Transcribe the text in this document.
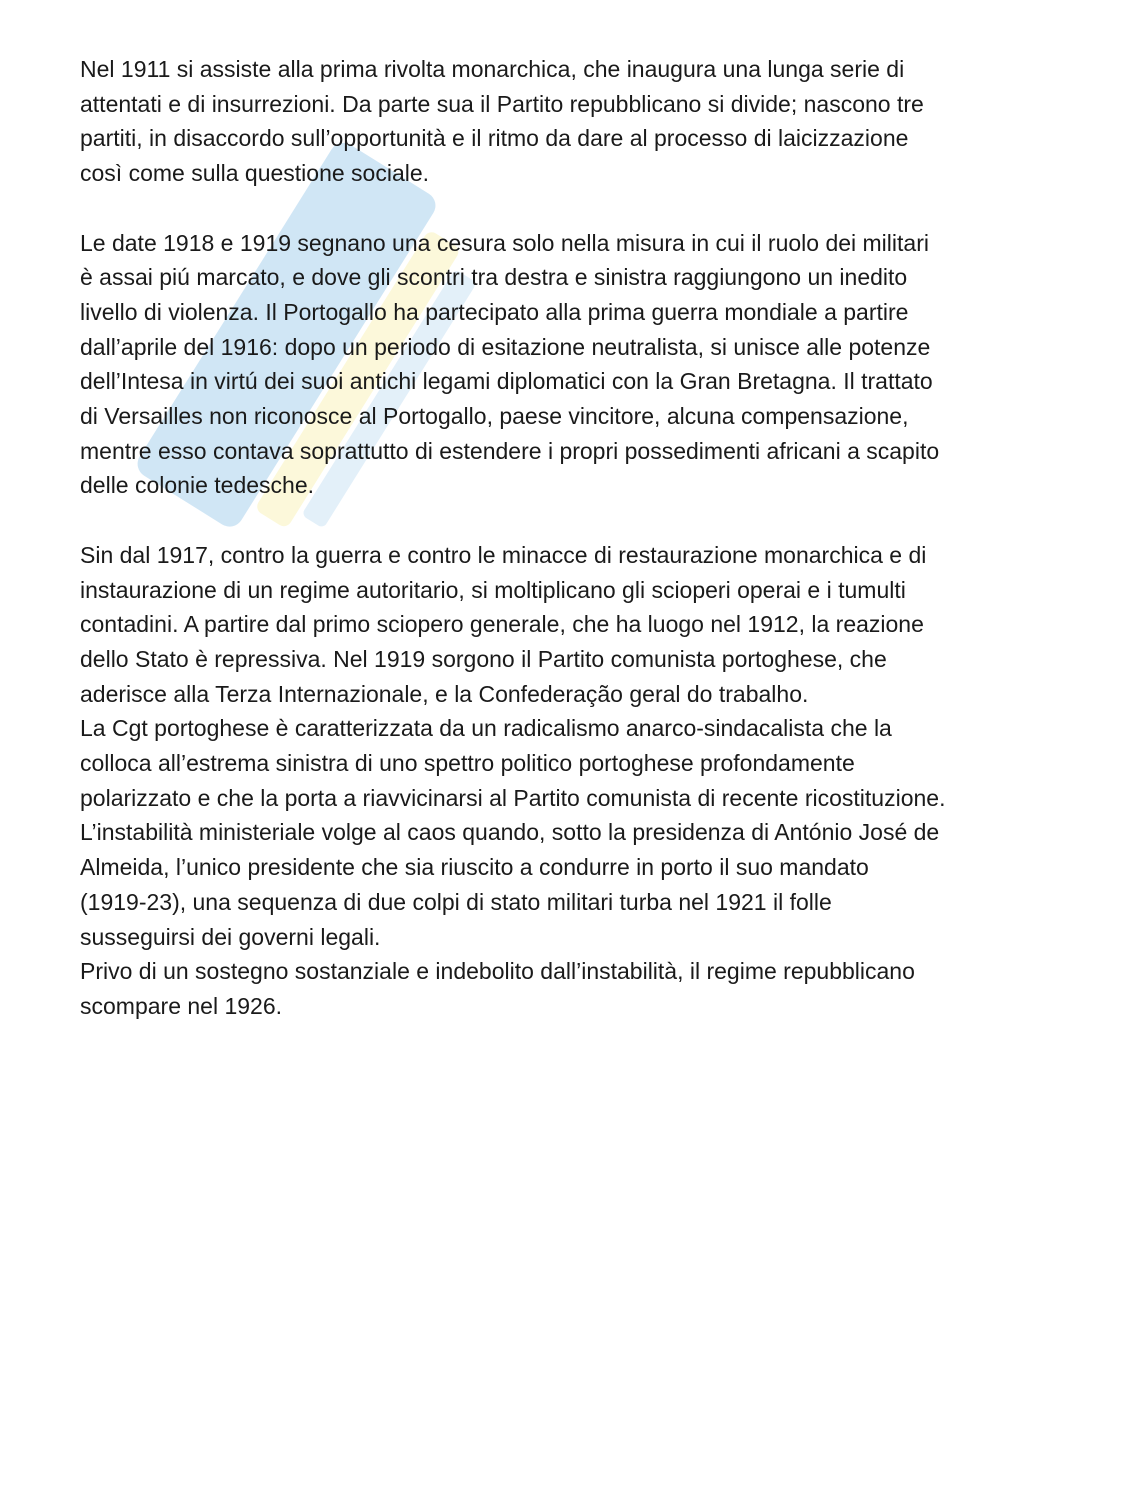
Nel 1911 si assiste alla prima rivolta monarchica, che inaugura una lunga serie di
attentati e di insurrezioni. Da parte sua il Partito repubblicano si divide; nascono tre
partiti, in disaccordo sull’opportunità e il ritmo da dare al processo di laicizzazione
così come sulla questione sociale.

Le date 1918 e 1919 segnano una cesura solo nella misura in cui il ruolo dei militari
è assai piú marcato, e dove gli scontri tra destra e sinistra raggiungono un inedito
livello di violenza. Il Portogallo ha partecipato alla prima guerra mondiale a partire
dall’aprile del 1916: dopo un periodo di esitazione neutralista, si unisce alle potenze
dell’Intesa in virtú dei suoi antichi legami diplomatici con la Gran Bretagna. Il trattato
di Versailles non riconosce al Portogallo, paese vincitore, alcuna compensazione,
mentre esso contava soprattutto di estendere i propri possedimenti africani a scapito
delle colonie tedesche.

Sin dal 1917, contro la guerra e contro le minacce di restaurazione monarchica e di
instaurazione di un regime autoritario, si moltiplicano gli scioperi operai e i tumulti
contadini. A partire dal primo sciopero generale, che ha luogo nel 1912, la reazione
dello Stato è repressiva. Nel 1919 sorgono il Partito comunista portoghese, che
aderisce alla Terza Internazionale, e la Confederação geral do trabalho.
La Cgt portoghese è caratterizzata da un radicalismo anarco-sindacalista che la
colloca all’estrema sinistra di uno spettro politico portoghese profondamente
polarizzato e che la porta a riavvicinarsi al Partito comunista di recente ricostituzione.
L’instabilità ministeriale volge al caos quando, sotto la presidenza di António José de
Almeida, l’unico presidente che sia riuscito a condurre in porto il suo mandato
(1919-23), una sequenza di due colpi di stato militari turba nel 1921 il folle
susseguirsi dei governi legali.
Privo di un sostegno sostanziale e indebolito dall’instabilità, il regime repubblicano
scompare nel 1926.
